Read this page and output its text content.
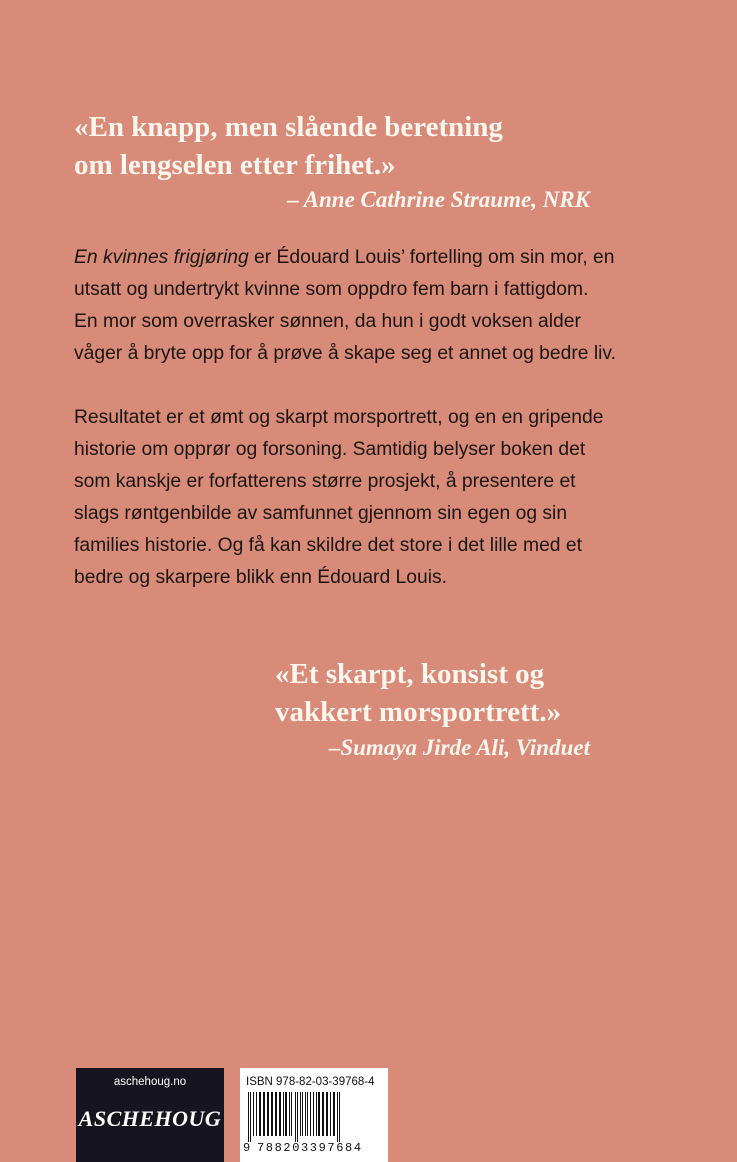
«En knapp, men slående beretning
om lengselen etter frihet.»
– Anne Cathrine Straume, NRK
En kvinnes frigjøring er Édouard Louis’ fortelling om sin mor, en
utsatt og undertrykt kvinne som oppdro fem barn i fattigdom.
En mor som overrasker sønnen, da hun i godt voksen alder
våger å bryte opp for å prøve å skape seg et annet og bedre liv.
Resultatet er et ømt og skarpt morsportrett, og en en gripende
historie om opprør og forsoning. Samtidig belyser boken det
som kanskje er forfatterens større prosjekt, å presentere et
slags røntgenbilde av samfunnet gjennom sin egen og sin
families historie. Og få kan skildre det store i det lille med et
bedre og skarpere blikk enn Édouard Louis.
«Et skarpt, konsist og
vakkert morsportrett.»
–Sumaya Jirde Ali, Vinduet
aschehoug.no
ASCHEHOUG
ISBN 978-82-03-39768-4
9 788203397684
